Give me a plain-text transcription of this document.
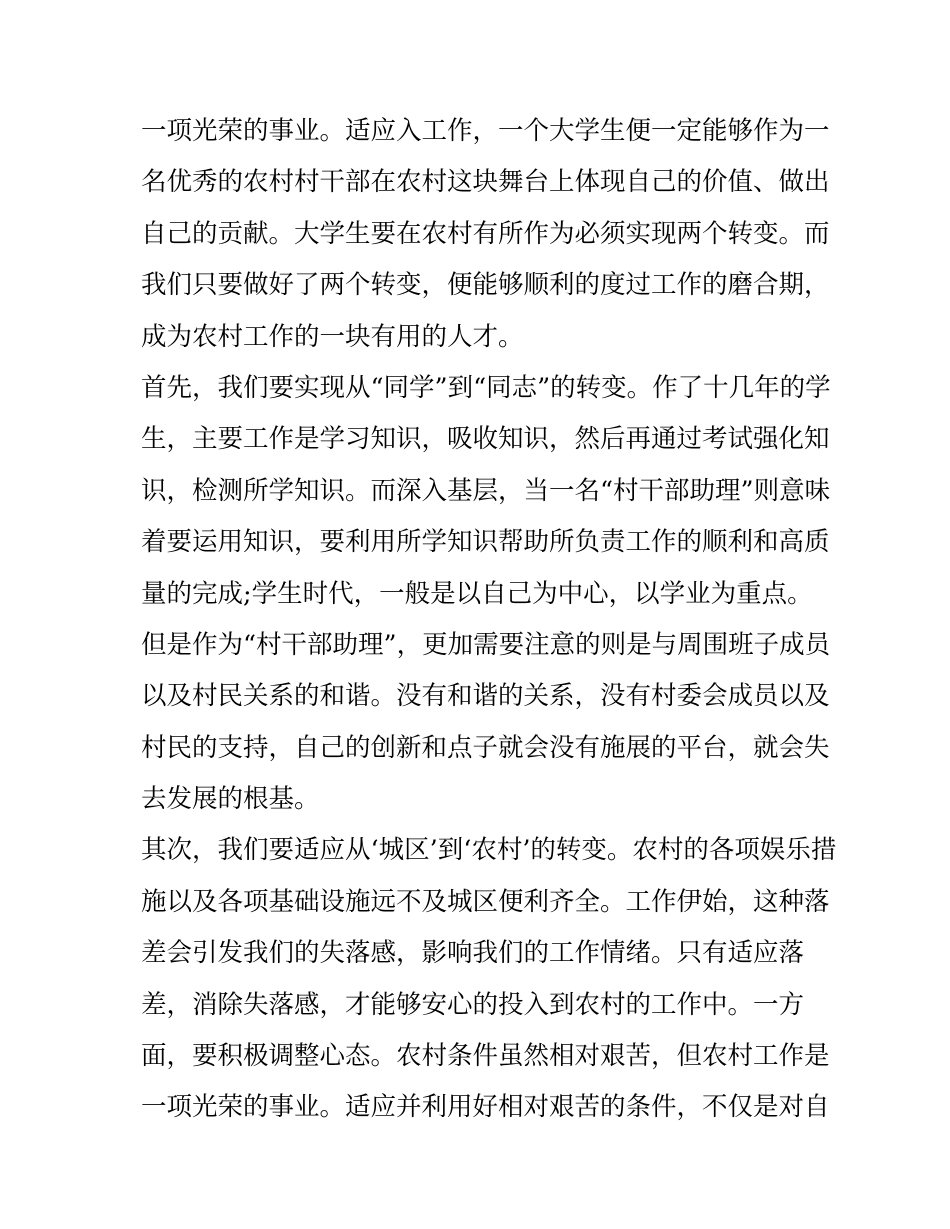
一项光荣的事业。适应入工作，一个大学生便一定能够作为一
名优秀的农村村干部在农村这块舞台上体现自己的价值、做出
自己的贡献。大学生要在农村有所作为必须实现两个转变。而
我们只要做好了两个转变，便能够顺利的度过工作的磨合期，
成为农村工作的一块有用的人才。
首先，我们要实现从“同学”到“同志”的转变。作了十几年的学
生，主要工作是学习知识，吸收知识，然后再通过考试强化知
识，检测所学知识。而深入基层，当一名“村干部助理”则意味
着要运用知识，要利用所学知识帮助所负责工作的顺利和高质
量的完成;学生时代，一般是以自己为中心，以学业为重点。
但是作为“村干部助理”，更加需要注意的则是与周围班子成员
以及村民关系的和谐。没有和谐的关系，没有村委会成员以及
村民的支持，自己的创新和点子就会没有施展的平台，就会失
去发展的根基。
其次，我们要适应从‘城区’到‘农村’的转变。农村的各项娱乐措
施以及各项基础设施远不及城区便利齐全。工作伊始，这种落
差会引发我们的失落感，影响我们的工作情绪。只有适应落
差，消除失落感，才能够安心的投入到农村的工作中。一方
面，要积极调整心态。农村条件虽然相对艰苦，但农村工作是
一项光荣的事业。适应并利用好相对艰苦的条件，不仅是对自
